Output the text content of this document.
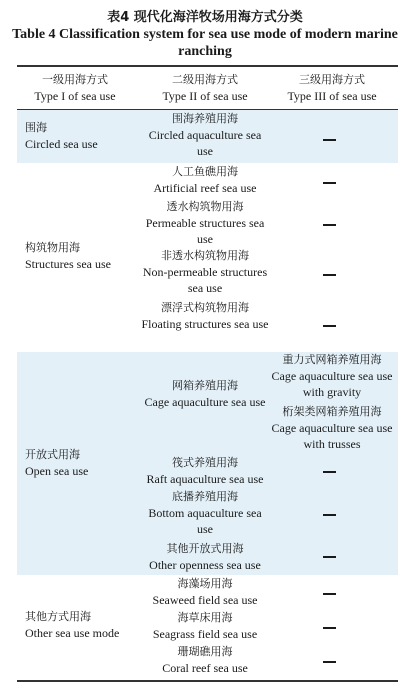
表4 现代化海洋牧场用海方式分类
Table 4 Classification system for sea use mode of modern marine ranching
一级用海方式
Type I of sea use
二级用海方式
Type II of sea use
三级用海方式
Type III of sea use
围海
Circled sea use
围海养殖用海
Circled aquaculture sea use
构筑物用海
Structures sea use
人工鱼礁用海
Artificial reef sea use
透水构筑物用海
Permeable structures sea use
非透水构筑物用海
Non-permeable structures sea use
漂浮式构筑物用海
Floating structures sea use
开放式用海
Open sea use
网箱养殖用海
Cage aquaculture sea use
重力式网箱养殖用海
Cage aquaculture sea use with gravity
桁架类网箱养殖用海
Cage aquaculture sea use with trusses
筏式养殖用海
Raft aquaculture sea use
底播养殖用海
Bottom aquaculture sea use
其他开放式用海
Other openness sea use
其他方式用海
Other sea use mode
海藻场用海
Seaweed field sea use
海草床用海
Seagrass field sea use
珊瑚礁用海
Coral reef sea use
